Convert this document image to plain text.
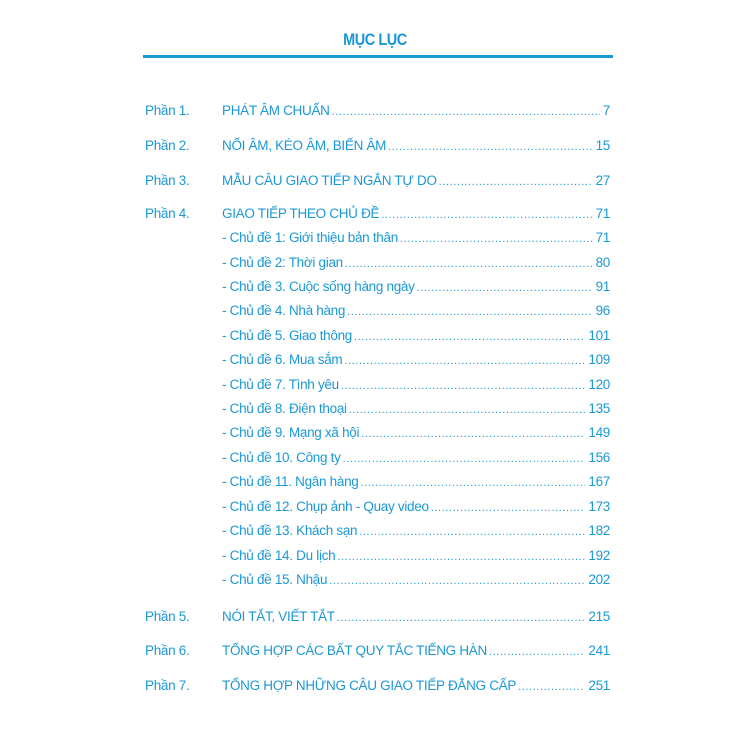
MỤC LỤC
Phần 1.	PHÁT ÂM CHUẨN .....	7
Phần 2.	NỐI ÂM, KÉO ÂM, BIẾN ÂM .....	15
Phần 3.	MẪU CÂU GIAO TIẾP NGẮN TỰ DO .....	27
Phần 4.	GIAO TIẾP THEO CHỦ ĐỀ .....	71
- Chủ đề 1: Giới thiệu bản thân .....	71
- Chủ đề 2: Thời gian .....	80
- Chủ đề 3. Cuộc sống hàng ngày .....	91
- Chủ đề 4. Nhà hàng .....	96
- Chủ đề 5. Giao thông .....	101
- Chủ đề 6. Mua sắm .....	109
- Chủ đề 7. Tình yêu .....	120
- Chủ đề 8. Điện thoại .....	135
- Chủ đề 9. Mạng xã hội .....	149
- Chủ đề 10. Công ty .....	156
- Chủ đề 11. Ngân hàng .....	167
- Chủ đề 12. Chụp ảnh - Quay video .....	173
- Chủ đề 13. Khách sạn .....	182
- Chủ đề 14. Du lịch .....	192
- Chủ đề 15. Nhậu .....	202
Phần 5.	NÓI TẮT, VIẾT TẮT .....	215
Phần 6.	TỔNG HỢP CÁC BẤT QUY TẮC TIẾNG HÀN .....	241
Phần 7.	TỔNG HỢP NHỮNG CÂU GIAO TIẾP ĐẲNG CẤP .....	251
